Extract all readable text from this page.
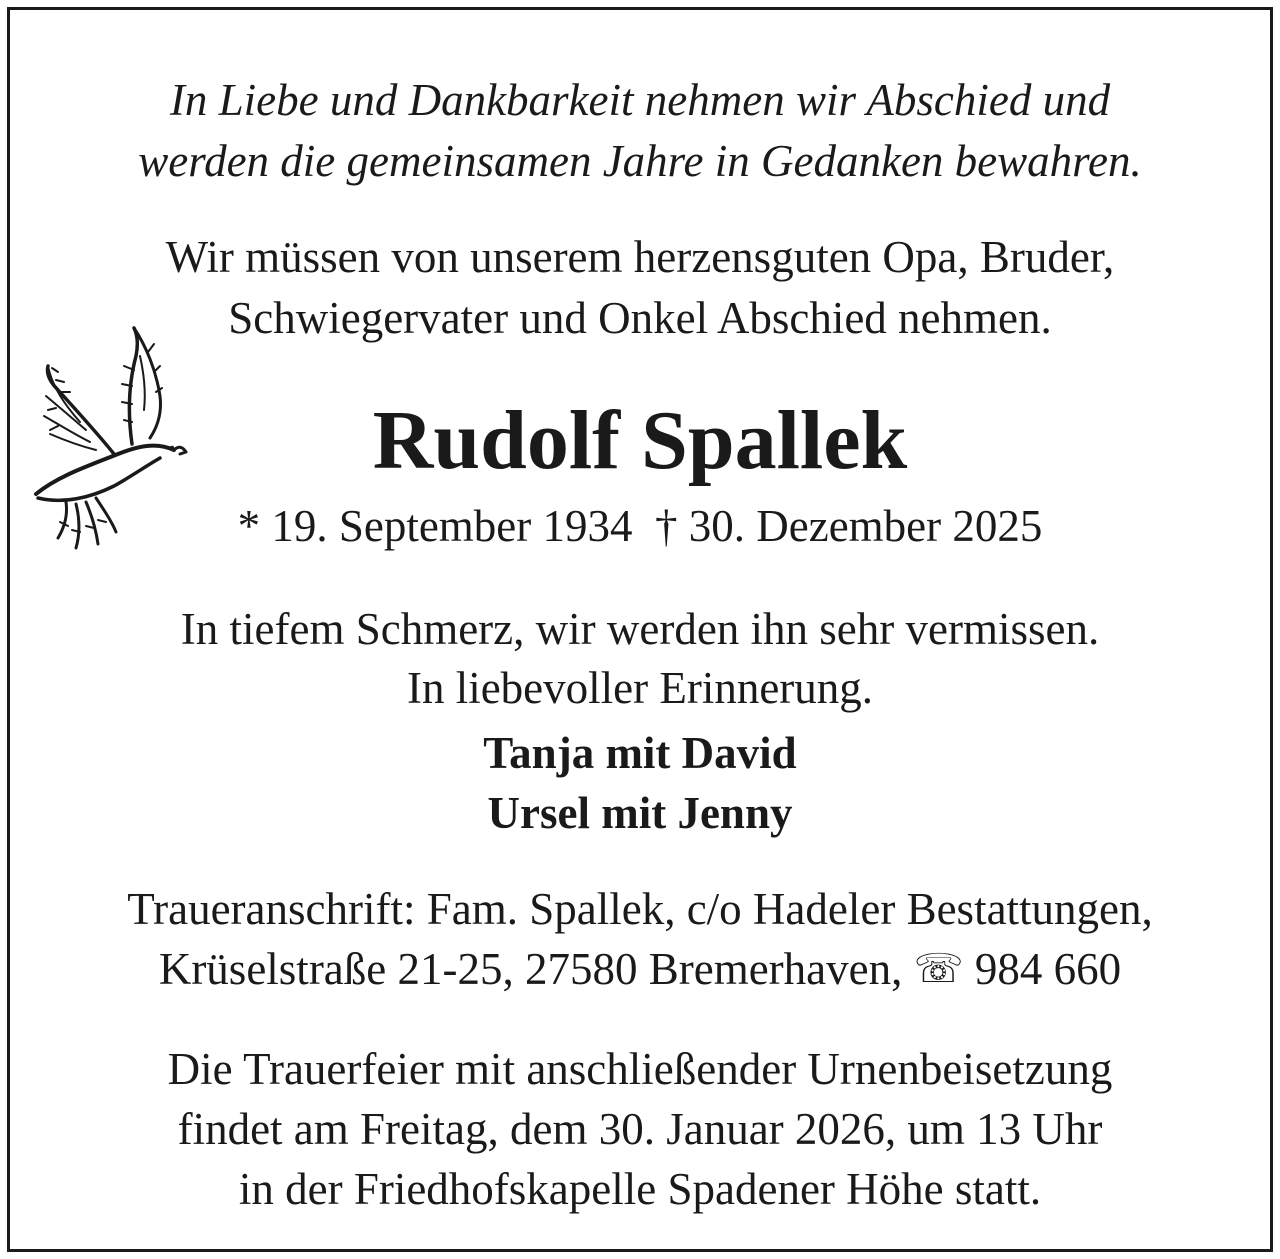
In Liebe und Dankbarkeit nehmen wir Abschied und

werden die gemeinsamen Jahre in Gedanken bewahren.

Wir müssen von unserem herzensguten Opa, Bruder,

Schwiegervater und Onkel Abschied nehmen.

Rudolf Spallek

* 19. September 1934  † 30. Dezember 2025

In tiefem Schmerz, wir werden ihn sehr vermissen.

In liebevoller Erinnerung.

Tanja mit David

Ursel mit Jenny

Traueranschrift: Fam. Spallek, c/o Hadeler Bestattungen,

Krüselstraße 21-25, 27580 Bremerhaven, ☏ 984 660

Die Trauerfeier mit anschließender Urnenbeisetzung

findet am Freitag, dem 30. Januar 2026, um 13 Uhr

in der Friedhofskapelle Spadener Höhe statt.
